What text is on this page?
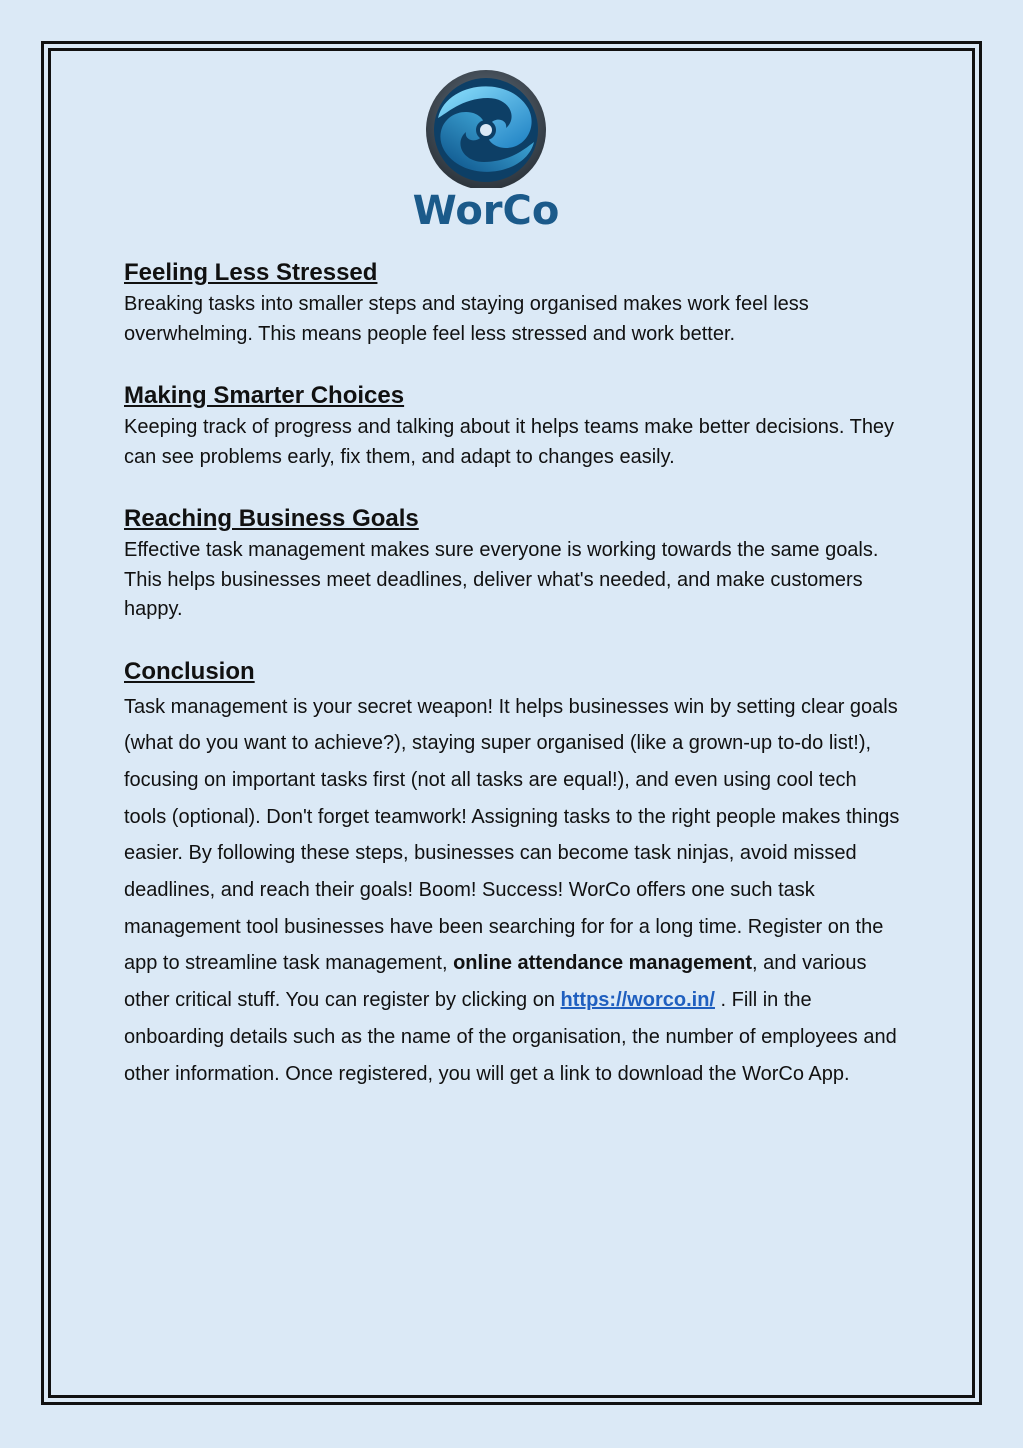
WorCo
Feeling Less Stressed

Breaking tasks into smaller steps and staying organised makes work feel less overwhelming. This means people feel less stressed and work better.

Making Smarter Choices

Keeping track of progress and talking about it helps teams make better decisions. They can see problems early, fix them, and adapt to changes easily.

Reaching Business Goals

Effective task management makes sure everyone is working towards the same goals. This helps businesses meet deadlines, deliver what's needed, and make customers happy.

Conclusion

Task management is your secret weapon! It helps businesses win by setting clear goals (what do you want to achieve?), staying super organised (like a grown-up to-do list!), focusing on important tasks first (not all tasks are equal!), and even using cool tech tools (optional). Don't forget teamwork! Assigning tasks to the right people makes things easier. By following these steps, businesses can become task ninjas, avoid missed deadlines, and reach their goals! Boom! Success! WorCo offers one such task management tool businesses have been searching for for a long time. Register on the app to streamline task management, online attendance management, and various other critical stuff. You can register by clicking on https://worco.in/ . Fill in the onboarding details such as the name of the organisation, the number of employees and other information. Once registered, you will get a link to download the WorCo App.
